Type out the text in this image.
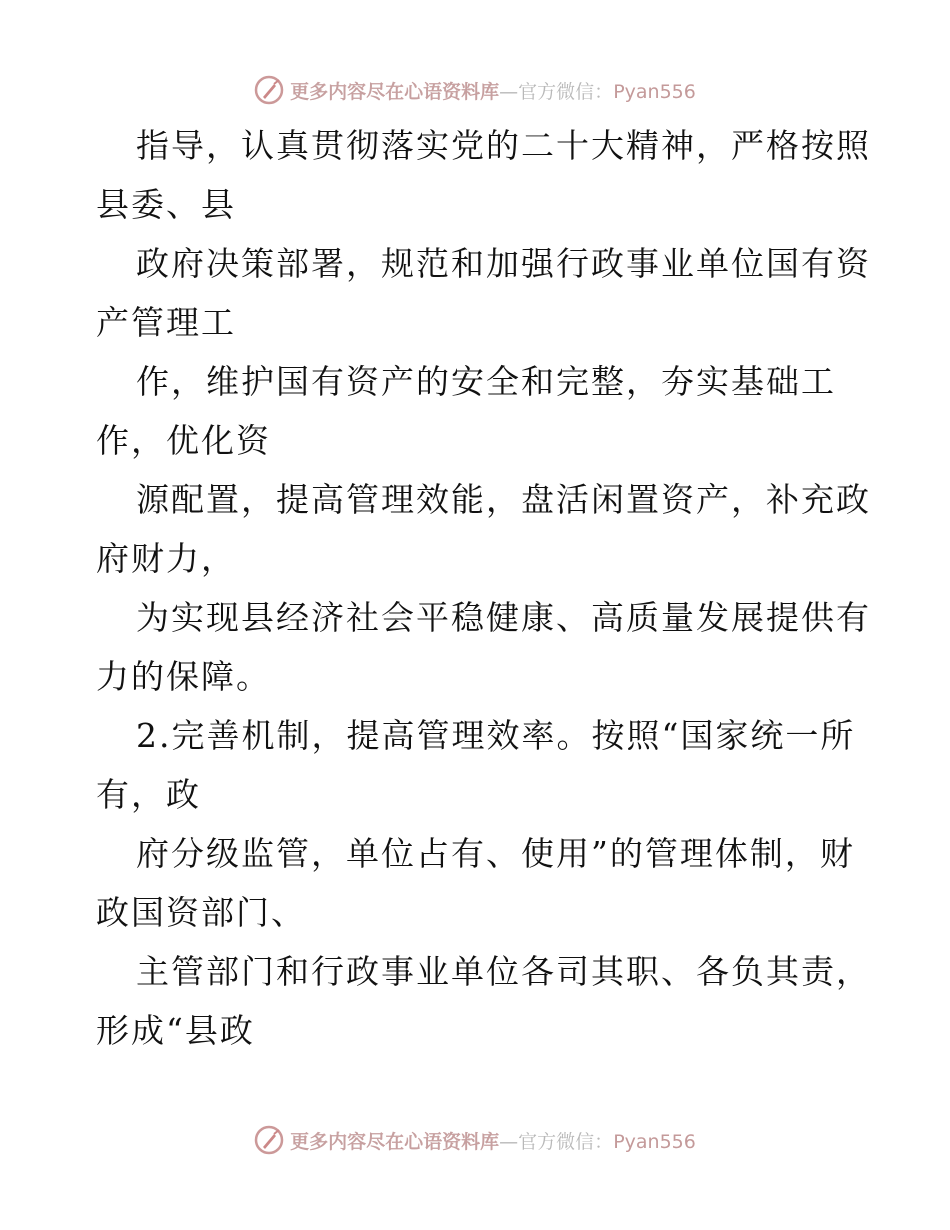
更多内容尽在心语资料库—官方微信：Pyan556
指导，认真贯彻落实党的二十大精神，严格按照
县委、县
政府决策部署，规范和加强行政事业单位国有资
产管理工
作，维护国有资产的安全和完整，夯实基础工
作，优化资
源配置，提高管理效能，盘活闲置资产，补充政
府财力，
为实现县经济社会平稳健康、高质量发展提供有
力的保障。
2.完善机制，提高管理效率。按照“国家统一所
有，政
府分级监管，单位占有、使用”的管理体制，财
政国资部门、
主管部门和行政事业单位各司其职、各负其责，
形成“县政
更多内容尽在心语资料库—官方微信：Pyan556
